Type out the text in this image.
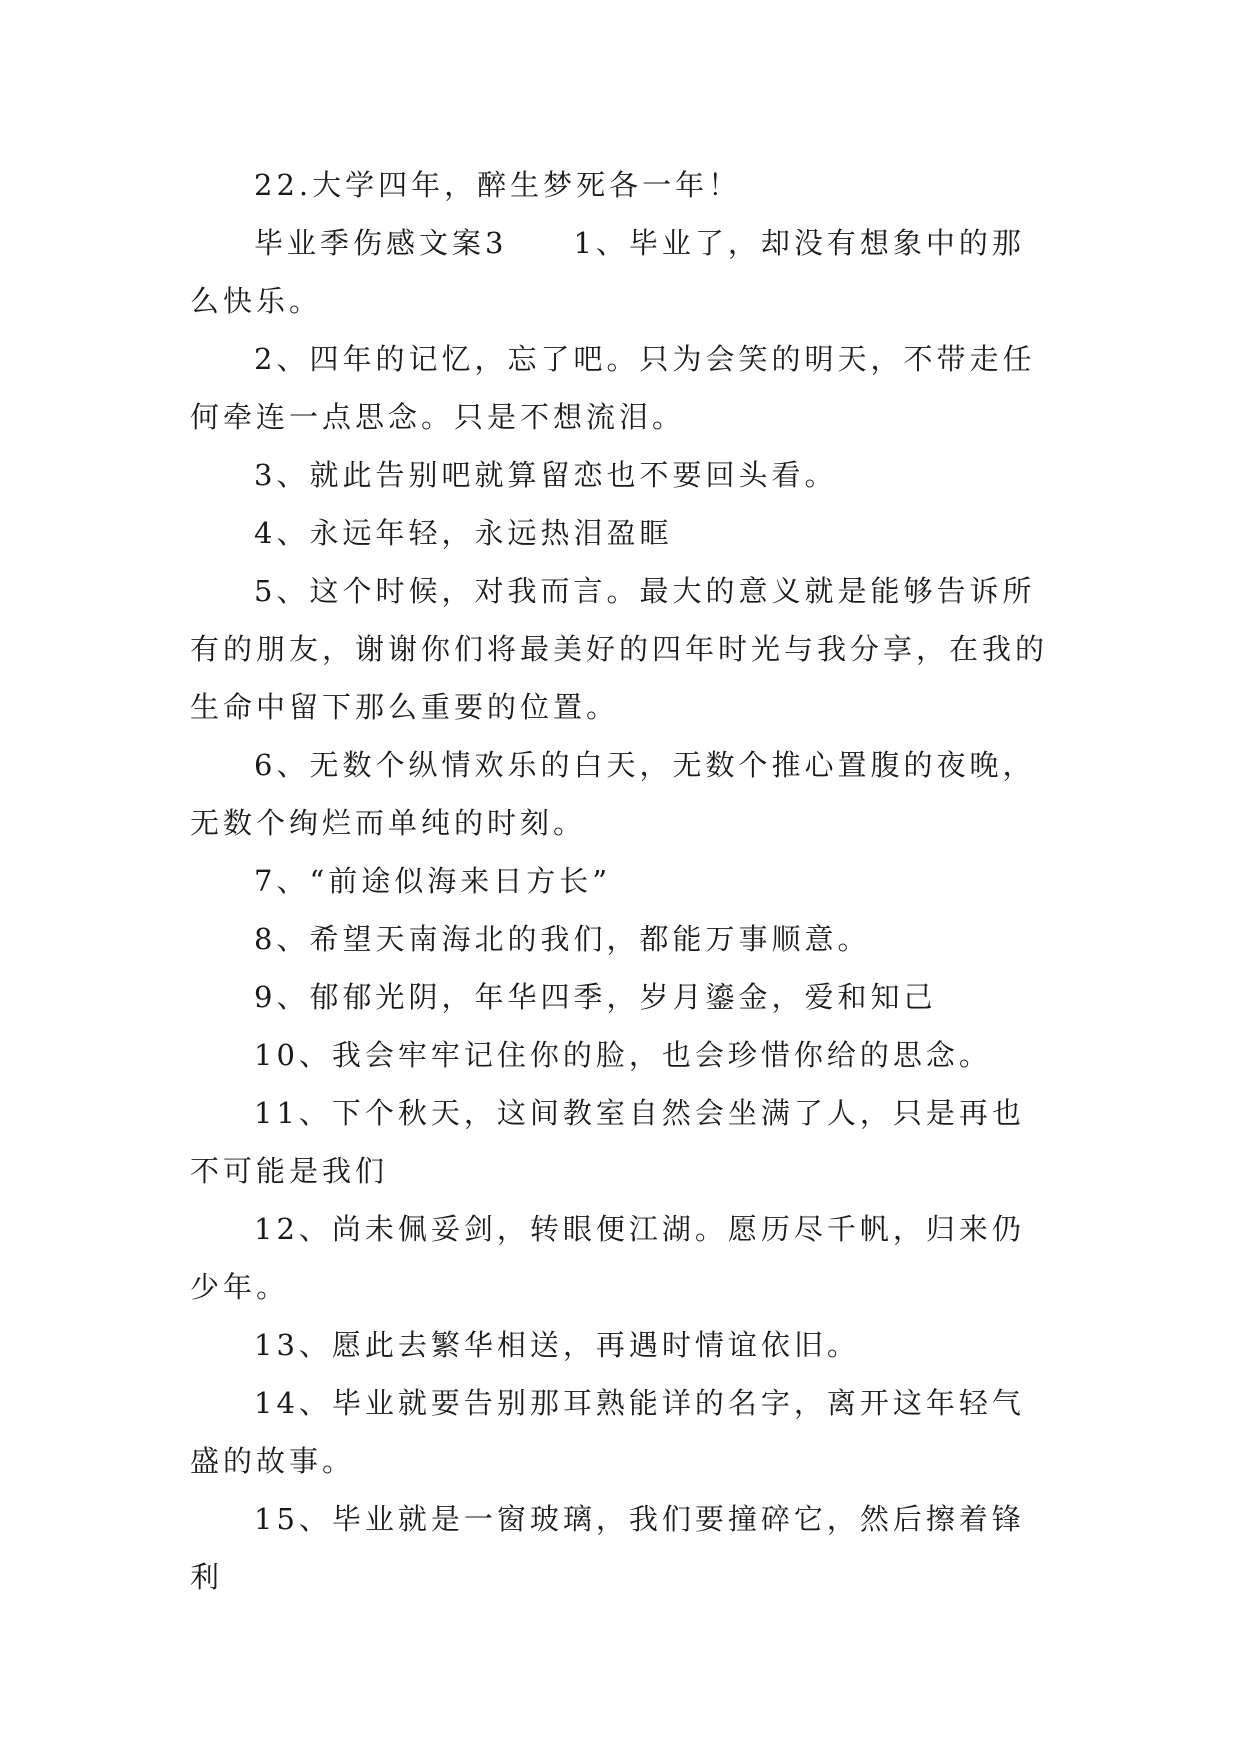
22.大学四年，醉生梦死各一年！

毕业季伤感文案3　　1、毕业了，却没有想象中的那么快乐。

2、四年的记忆，忘了吧。只为会笑的明天，不带走任何牵连一点思念。只是不想流泪。

3、就此告别吧就算留恋也不要回头看。

4、永远年轻，永远热泪盈眶

5、这个时候，对我而言。最大的意义就是能够告诉所有的朋友，谢谢你们将最美好的四年时光与我分享，在我的生命中留下那么重要的位置。

6、无数个纵情欢乐的白天，无数个推心置腹的夜晚，无数个绚烂而单纯的时刻。

7、“前途似海来日方长”

8、希望天南海北的我们，都能万事顺意。

9、郁郁光阴，年华四季，岁月鎏金，爱和知己

10、我会牢牢记住你的脸，也会珍惜你给的思念。

11、下个秋天，这间教室自然会坐满了人，只是再也不可能是我们

12、尚未佩妥剑，转眼便江湖。愿历尽千帆，归来仍少年。

13、愿此去繁华相送，再遇时情谊依旧。

14、毕业就要告别那耳熟能详的名字，离开这年轻气盛的故事。

15、毕业就是一窗玻璃，我们要撞碎它，然后擦着锋利
